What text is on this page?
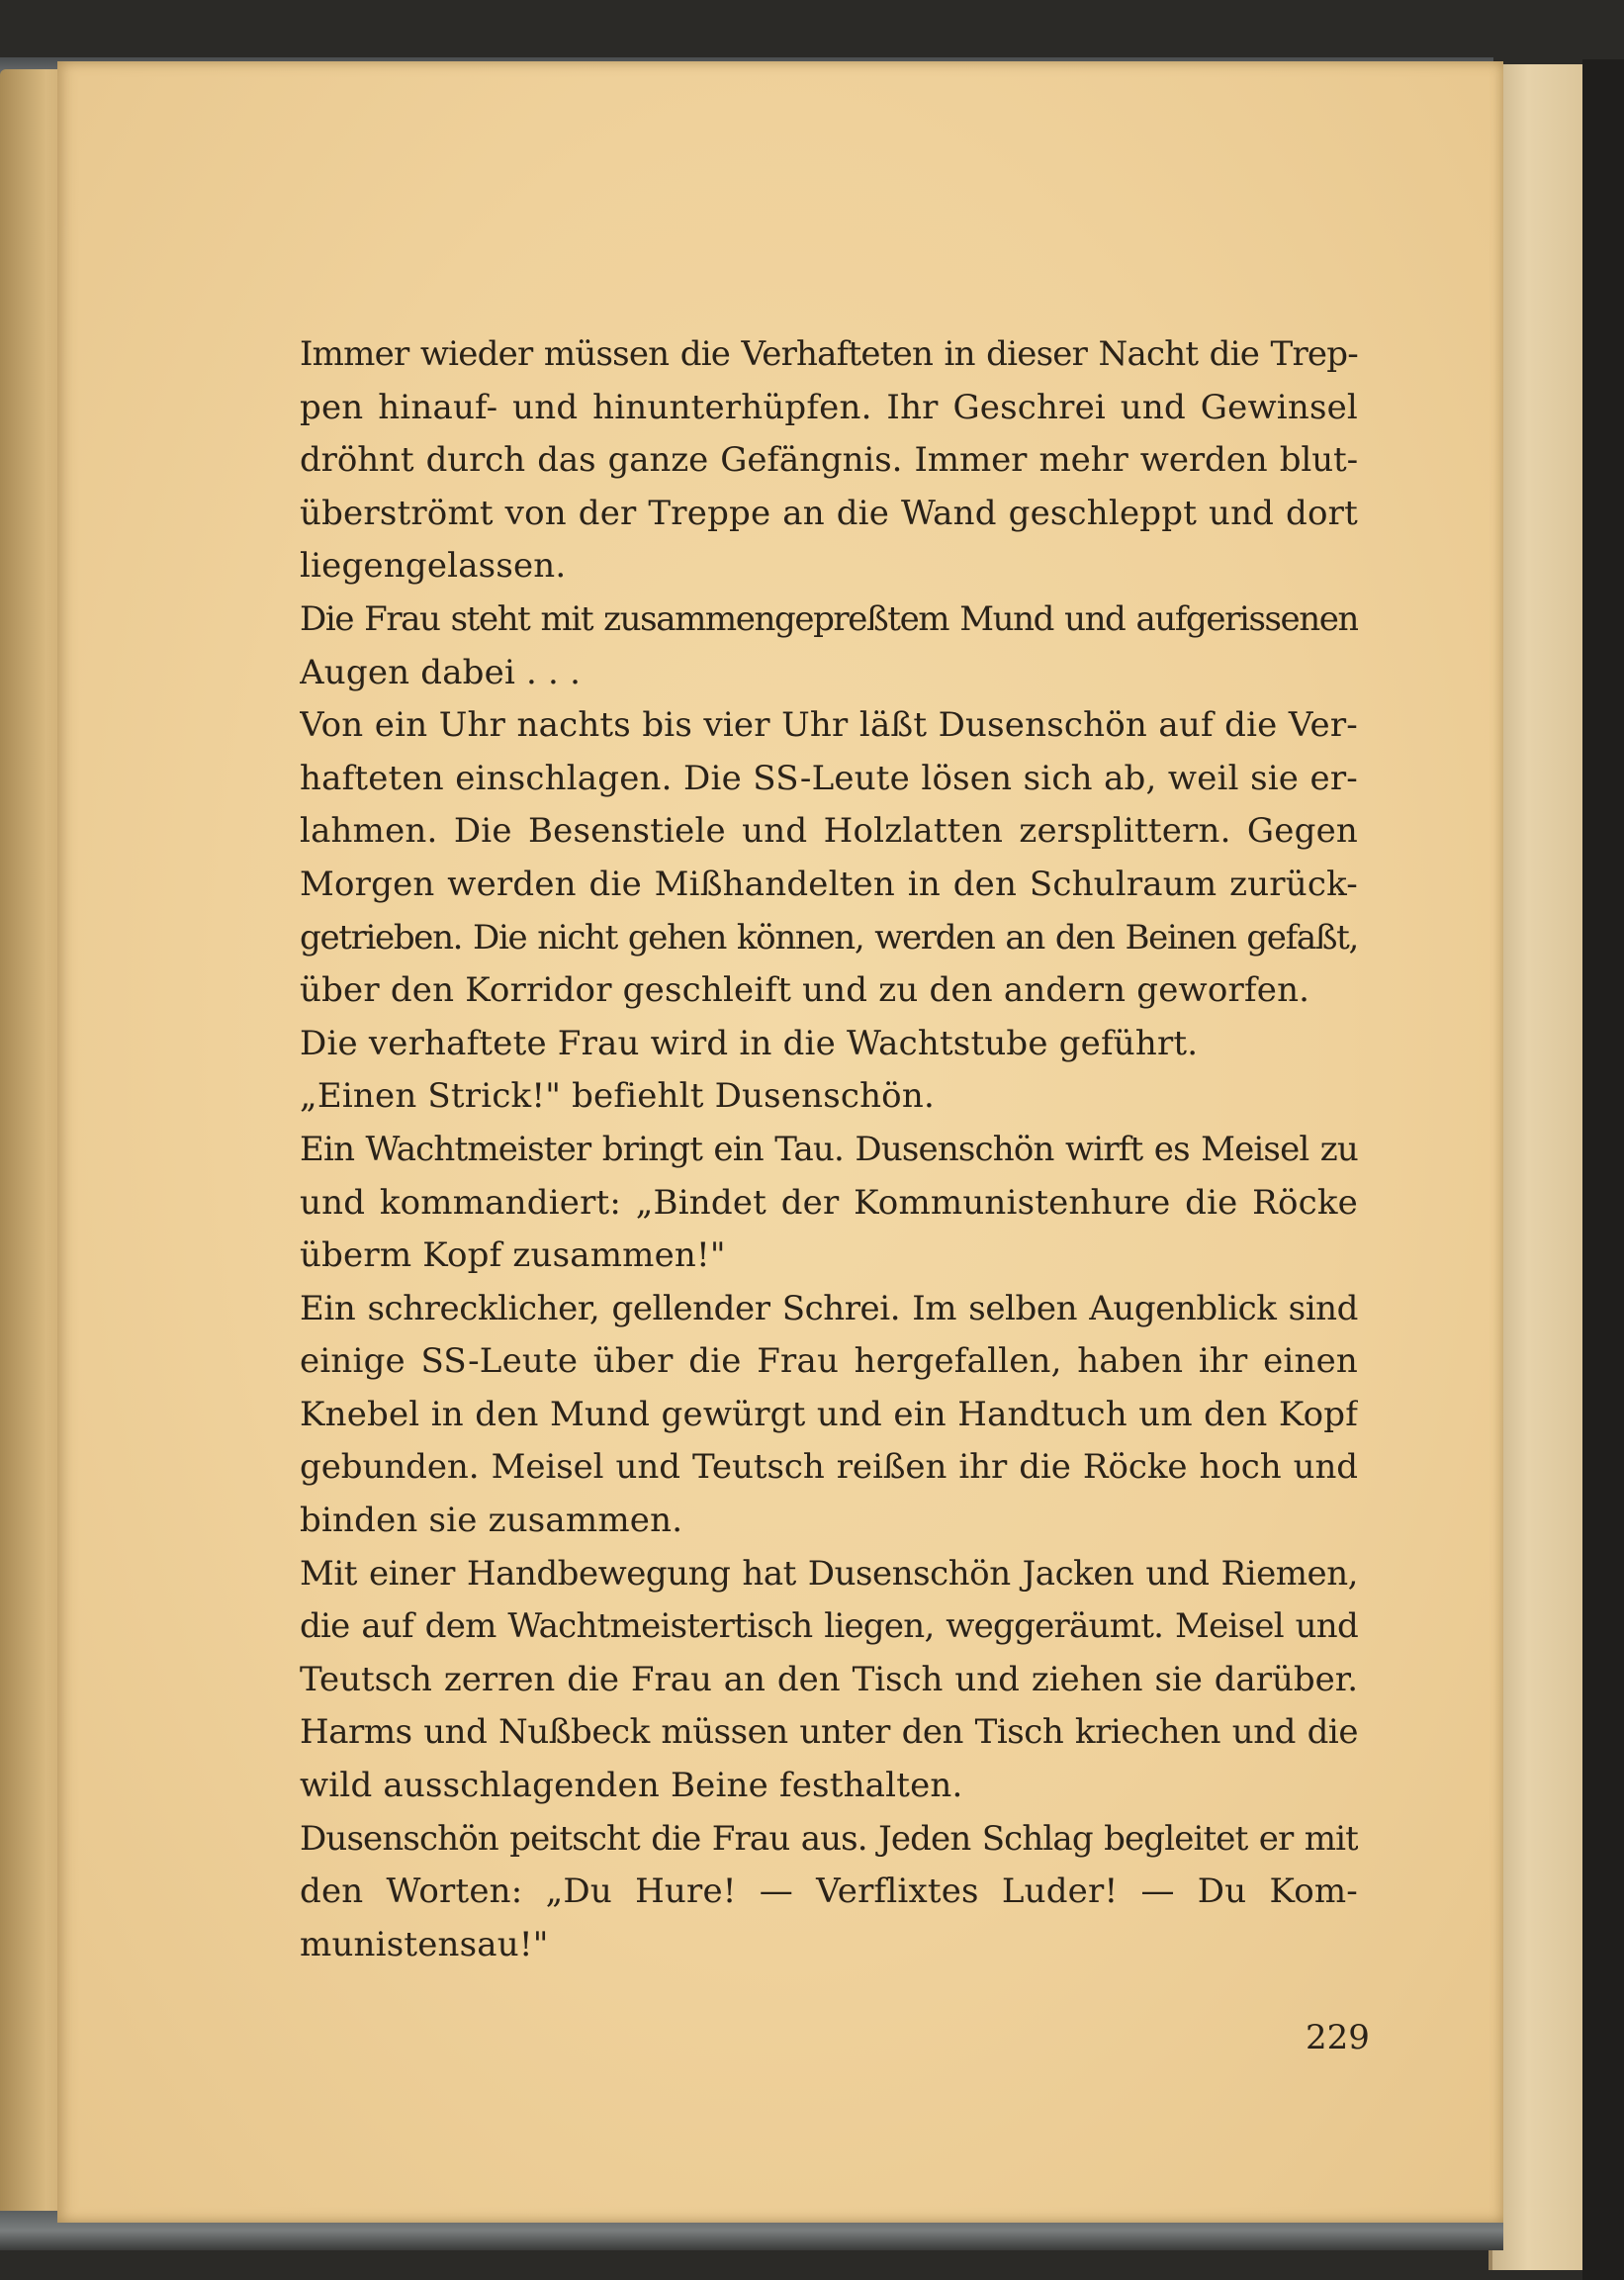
Immer wieder müssen die Verhafteten in dieser Nacht die Trep-
pen hinauf- und hinunterhüpfen. Ihr Geschrei und Gewinsel
dröhnt durch das ganze Gefängnis. Immer mehr werden blut-
überströmt von der Treppe an die Wand geschleppt und dort
liegengelassen.
Die Frau steht mit zusammengepreßtem Mund und aufgerissenen
Augen dabei . . .
Von ein Uhr nachts bis vier Uhr läßt Dusenschön auf die Ver-
hafteten einschlagen. Die SS-Leute lösen sich ab, weil sie er-
lahmen. Die Besenstiele und Holzlatten zersplittern. Gegen
Morgen werden die Mißhandelten in den Schulraum zurück-
getrieben. Die nicht gehen können, werden an den Beinen gefaßt,
über den Korridor geschleift und zu den andern geworfen.
Die verhaftete Frau wird in die Wachtstube geführt.
„Einen Strick!" befiehlt Dusenschön.
Ein Wachtmeister bringt ein Tau. Dusenschön wirft es Meisel zu
und kommandiert: „Bindet der Kommunistenhure die Röcke
überm Kopf zusammen!"
Ein schrecklicher, gellender Schrei. Im selben Augenblick sind
einige SS-Leute über die Frau hergefallen, haben ihr einen
Knebel in den Mund gewürgt und ein Handtuch um den Kopf
gebunden. Meisel und Teutsch reißen ihr die Röcke hoch und
binden sie zusammen.
Mit einer Handbewegung hat Dusenschön Jacken und Riemen,
die auf dem Wachtmeistertisch liegen, weggeräumt. Meisel und
Teutsch zerren die Frau an den Tisch und ziehen sie darüber.
Harms und Nußbeck müssen unter den Tisch kriechen und die
wild ausschlagenden Beine festhalten.
Dusenschön peitscht die Frau aus. Jeden Schlag begleitet er mit
den Worten: „Du Hure! — Verflixtes Luder! — Du Kom-
munistensau!"
229
